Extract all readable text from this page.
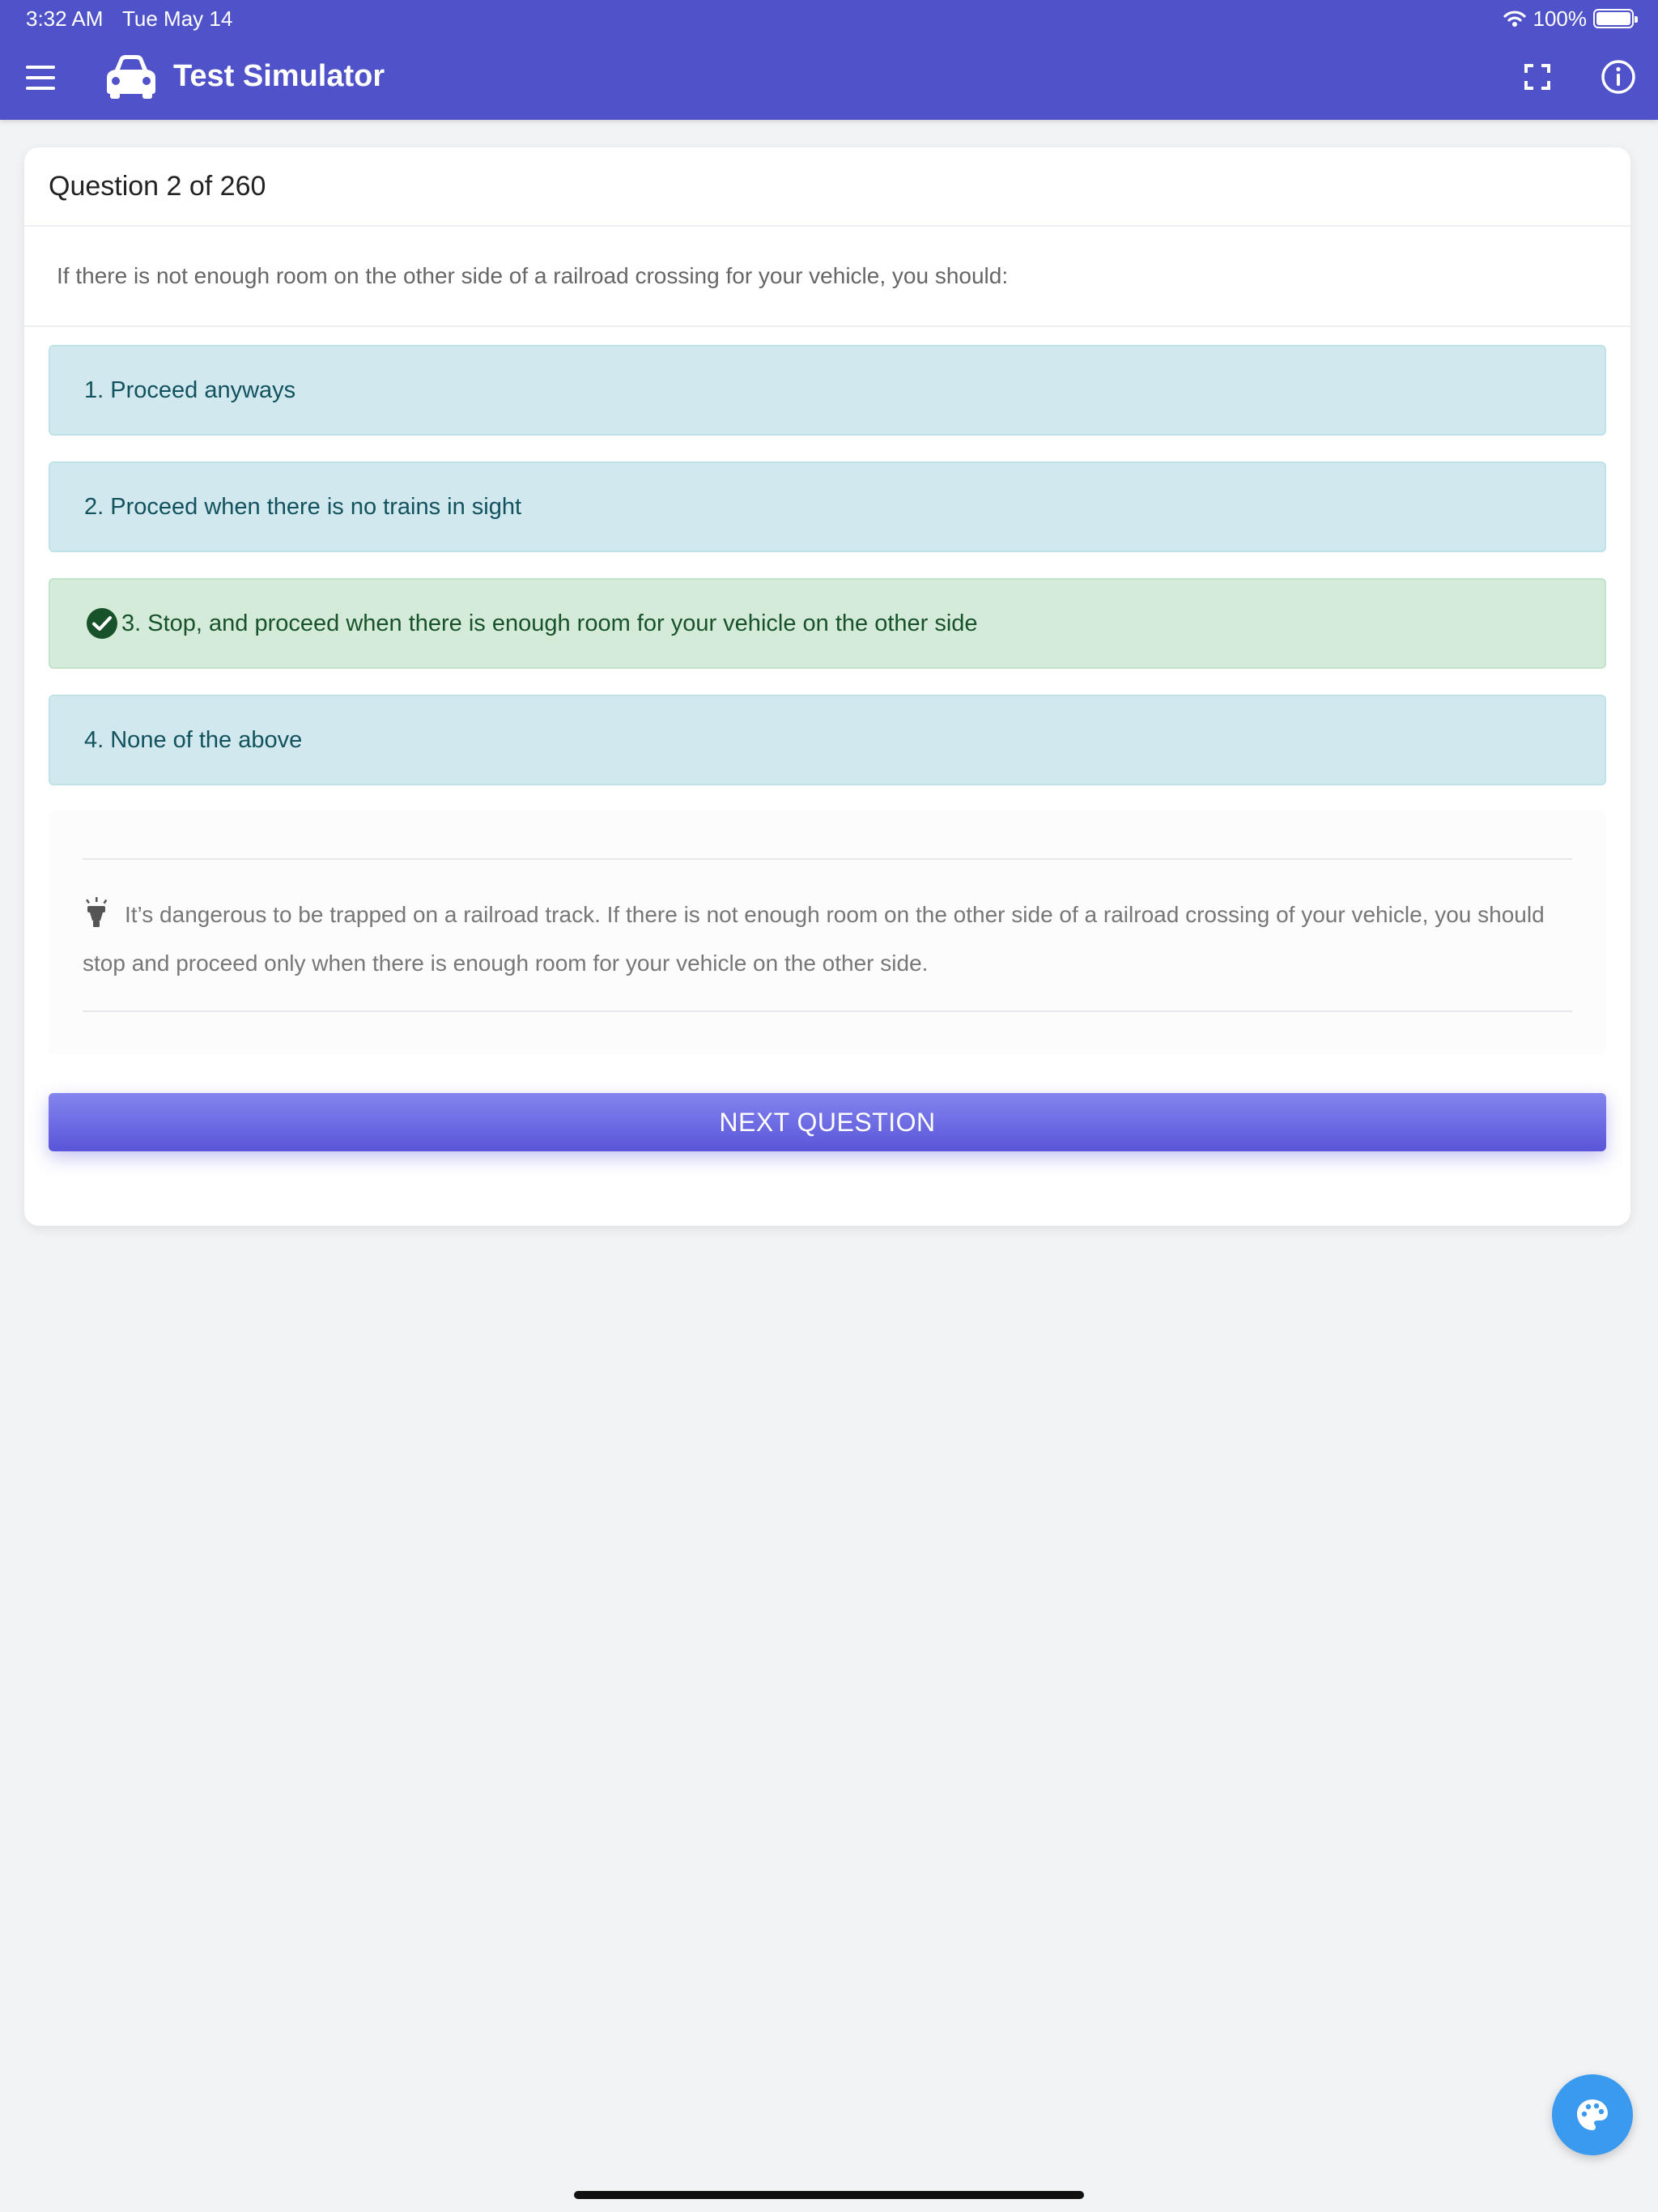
3:32 AM Tue May 14	100%
Test Simulator
Question 2 of 260
If there is not enough room on the other side of a railroad crossing for your vehicle, you should:
1. Proceed anyways
2. Proceed when there is no trains in sight
3. Stop, and proceed when there is enough room for your vehicle on the other side
4. None of the above
It’s dangerous to be trapped on a railroad track. If there is not enough room on the other side of a railroad crossing of your vehicle, you should stop and proceed only when there is enough room for your vehicle on the other side.
NEXT QUESTION
